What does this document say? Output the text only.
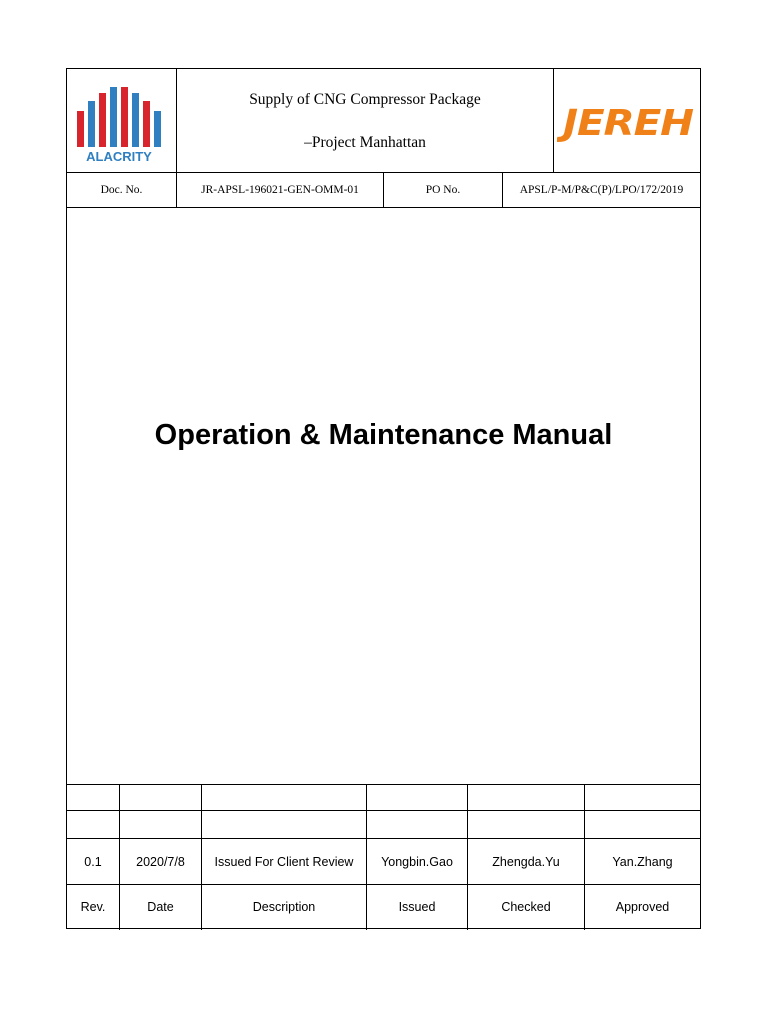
ALACRITY
Supply of CNG Compressor Package
–Project Manhattan	JEREH
Doc. No.	JR-APSL-196021-GEN-OMM-01	PO No.	APSL/P-M/P&C(P)/LPO/172/2019
Operation & Maintenance Manual
0.1	2020/7/8	Issued For Client Review	Yongbin.Gao	Zhengda.Yu	Yan.Zhang
Rev.	Date	Description	Issued	Checked	Approved
